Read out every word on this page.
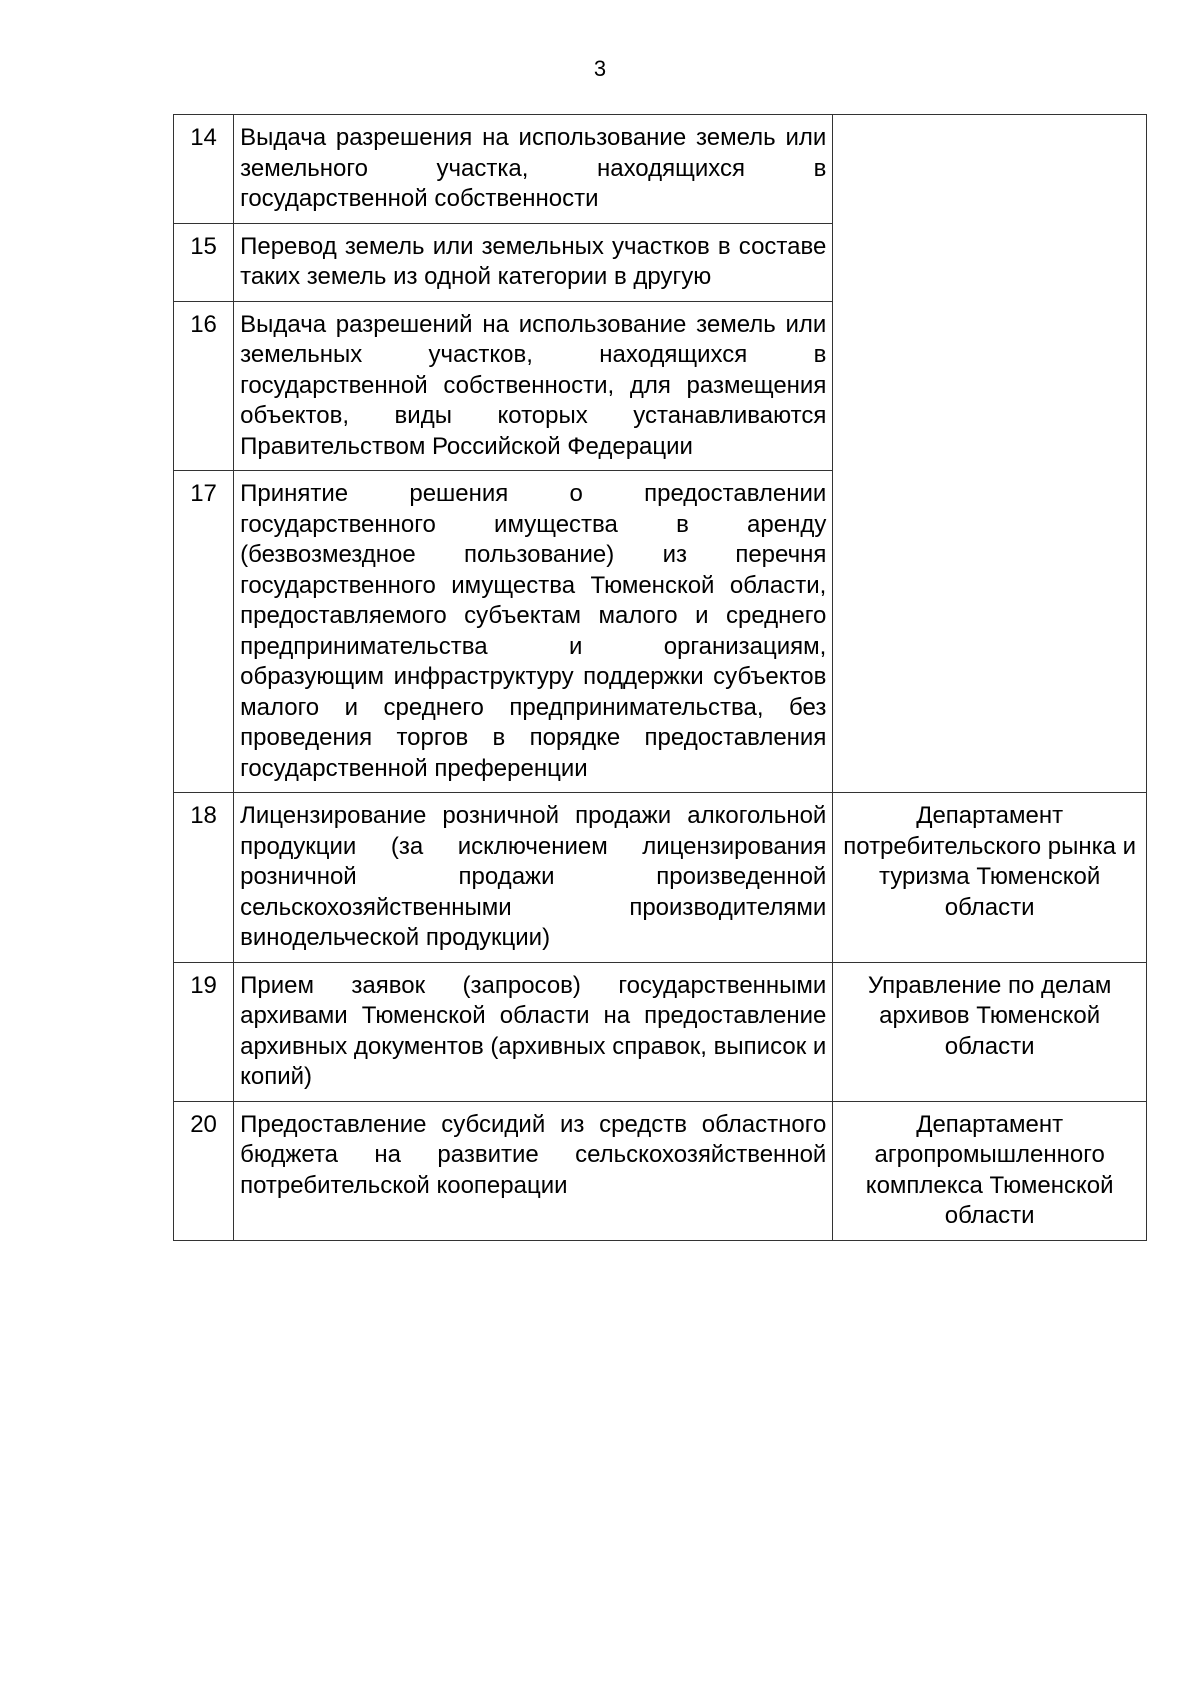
3
14	Выдача разрешения на использование земель или земельного участка, находящихся в государственной собственности	
15	Перевод земель или земельных участков в составе таких земель из одной категории в другую	
16	Выдача разрешений на использование земель или земельных участков, находящихся в государственной собственности, для размещения объектов, виды которых устанавливаются Правительством Российской Федерации	
17	Принятие решения о предоставлении государственного имущества в аренду (безвозмездное пользование) из перечня государственного имущества Тюменской области, предоставляемого субъектам малого и среднего предпринимательства и организациям, образующим инфраструктуру поддержки субъектов малого и среднего предпринимательства, без проведения торгов в порядке предоставления государственной преференции	
18	Лицензирование розничной продажи алкогольной продукции (за исключением лицензирования розничной продажи произведенной сельскохозяйственными производителями винодельческой продукции)	Департамент потребительского рынка и туризма Тюменской области
19	Прием заявок (запросов) государственными архивами Тюменской области на предоставление архивных документов (архивных справок, выписок и копий)	Управление по делам архивов Тюменской области
20	Предоставление субсидий из средств областного бюджета на развитие сельскохозяйственной потребительской кооперации	Департамент агропромышленного комплекса Тюменской области
